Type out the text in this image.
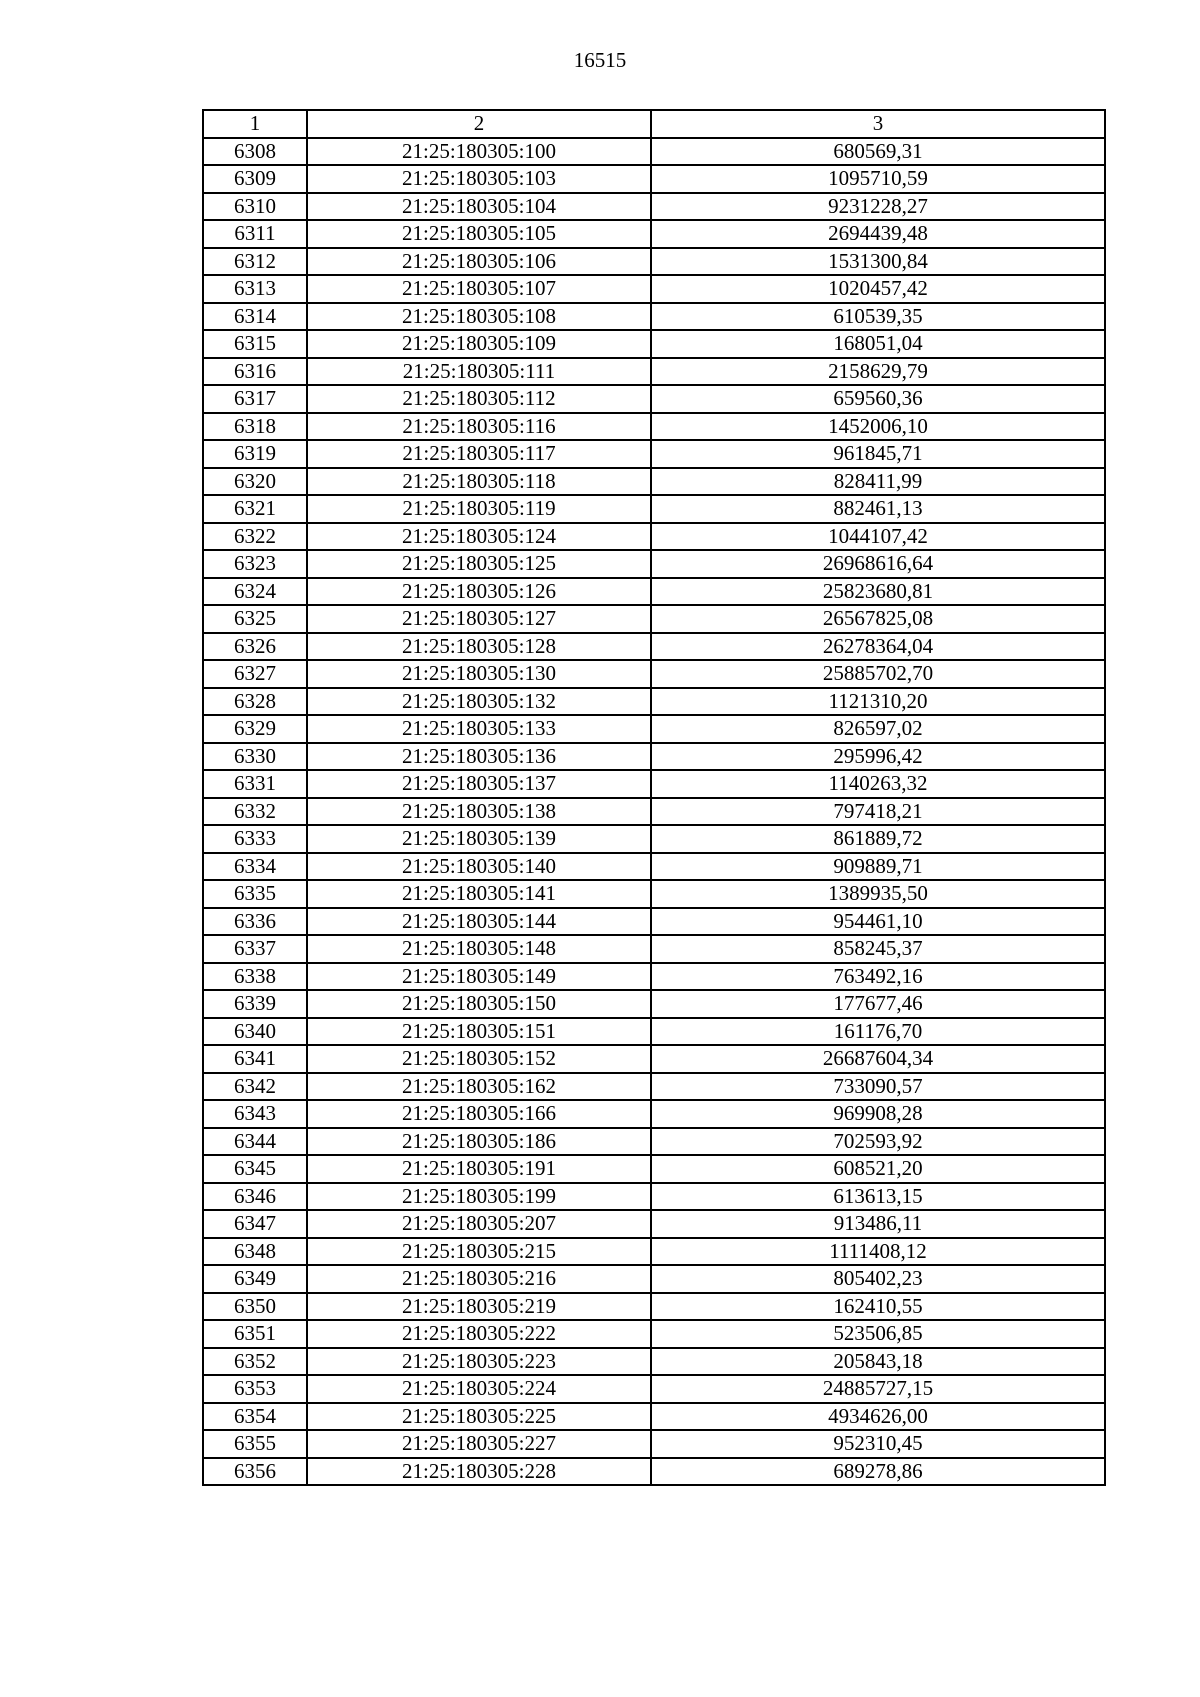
16515
1	2	3
6308	21:25:180305:100	680569,31
6309	21:25:180305:103	1095710,59
6310	21:25:180305:104	9231228,27
6311	21:25:180305:105	2694439,48
6312	21:25:180305:106	1531300,84
6313	21:25:180305:107	1020457,42
6314	21:25:180305:108	610539,35
6315	21:25:180305:109	168051,04
6316	21:25:180305:111	2158629,79
6317	21:25:180305:112	659560,36
6318	21:25:180305:116	1452006,10
6319	21:25:180305:117	961845,71
6320	21:25:180305:118	828411,99
6321	21:25:180305:119	882461,13
6322	21:25:180305:124	1044107,42
6323	21:25:180305:125	26968616,64
6324	21:25:180305:126	25823680,81
6325	21:25:180305:127	26567825,08
6326	21:25:180305:128	26278364,04
6327	21:25:180305:130	25885702,70
6328	21:25:180305:132	1121310,20
6329	21:25:180305:133	826597,02
6330	21:25:180305:136	295996,42
6331	21:25:180305:137	1140263,32
6332	21:25:180305:138	797418,21
6333	21:25:180305:139	861889,72
6334	21:25:180305:140	909889,71
6335	21:25:180305:141	1389935,50
6336	21:25:180305:144	954461,10
6337	21:25:180305:148	858245,37
6338	21:25:180305:149	763492,16
6339	21:25:180305:150	177677,46
6340	21:25:180305:151	161176,70
6341	21:25:180305:152	26687604,34
6342	21:25:180305:162	733090,57
6343	21:25:180305:166	969908,28
6344	21:25:180305:186	702593,92
6345	21:25:180305:191	608521,20
6346	21:25:180305:199	613613,15
6347	21:25:180305:207	913486,11
6348	21:25:180305:215	1111408,12
6349	21:25:180305:216	805402,23
6350	21:25:180305:219	162410,55
6351	21:25:180305:222	523506,85
6352	21:25:180305:223	205843,18
6353	21:25:180305:224	24885727,15
6354	21:25:180305:225	4934626,00
6355	21:25:180305:227	952310,45
6356	21:25:180305:228	689278,86
